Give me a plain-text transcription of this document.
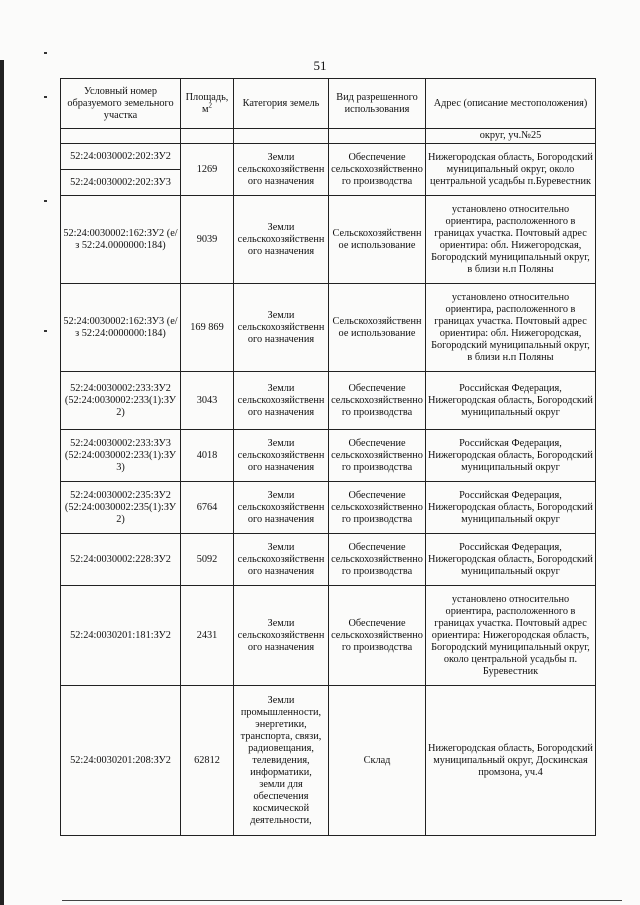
51
Условный номер образуемого земельного участка	Площадь, $м^2$	Категория земель	Вид разрешенного использования	Адрес (описание местоположения)
				округ, уч.№25
52:24:0030002:202:ЗУ2	1269	Земли сельскохозяйственного назначения	Обеспечение сельскохозяйственного производства	Нижегородская область, Богородский муниципальный округ, около центральной усадьбы п.Буревестник
52:24:0030002:202:ЗУ3				
52:24:0030002:162:ЗУ2 (е/з 52:24.0000000:184)	9039	Земли сельскохозяйственного назначения	Сельскохозяйственное использование	установлено относительно ориентира, расположенного в границах участка. Почтовый адрес ориентира: обл. Нижегородская, Богородский муниципальный округ, в близи н.п Поляны
52:24:0030002:162:ЗУ3 (е/з 52:24:0000000:184)	169 869	Земли сельскохозяйственного назначения	Сельскохозяйственное использование	установлено относительно ориентира, расположенного в границах участка. Почтовый адрес ориентира: обл. Нижегородская, Богородский муниципальный округ, в близи н.п Поляны
52:24:0030002:233:ЗУ2 (52:24:0030002:233(1):ЗУ2)	3043	Земли сельскохозяйственного назначения	Обеспечение сельскохозяйственного производства	Российская Федерация, Нижегородская область, Богородский муниципальный округ
52:24:0030002:233:ЗУ3 (52:24:0030002:233(1):ЗУ3)	4018	Земли сельскохозяйственного назначения	Обеспечение сельскохозяйственного производства	Российская Федерация, Нижегородская область, Богородский муниципальный округ
52:24:0030002:235:ЗУ2 (52:24:0030002:235(1):ЗУ2)	6764	Земли сельскохозяйственного назначения	Обеспечение сельскохозяйственного производства	Российская Федерация, Нижегородская область, Богородский муниципальный округ
52:24:0030002:228:ЗУ2	5092	Земли сельскохозяйственного назначения	Обеспечение сельскохозяйственного производства	Российская Федерация, Нижегородская область, Богородский муниципальный округ
52:24:0030201:181:ЗУ2	2431	Земли сельскохозяйственного назначения	Обеспечение сельскохозяйственного производства	установлено относительно ориентира, расположенного в границах участка. Почтовый адрес ориентира: Нижегородская область, Богородский муниципальный округ, около центральной усадьбы п. Буревестник
52:24:0030201:208:ЗУ2	62812	Земли промышленности, энергетики, транспорта, связи, радиовещания, телевидения, информатики, земли для обеспечения космической деятельности,	Склад	Нижегородская область, Богородский муниципальный округ, Доскинская промзона, уч.4
